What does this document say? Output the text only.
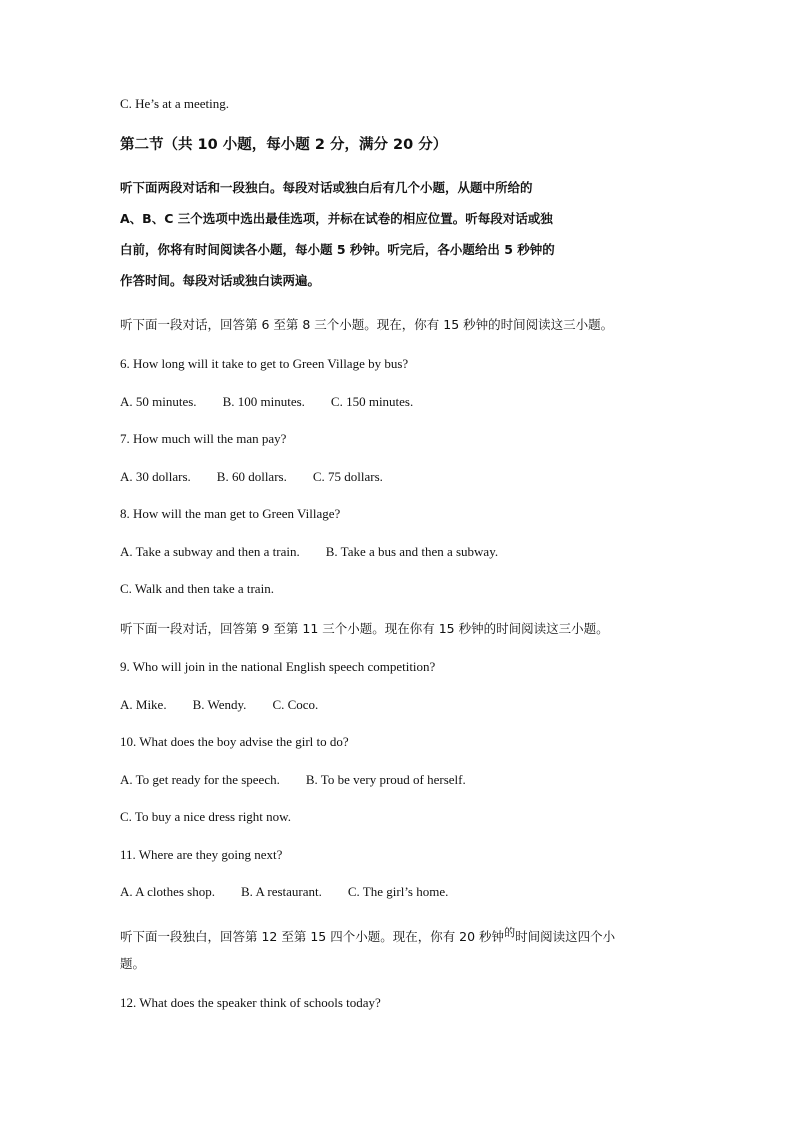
C. He’s at a meeting.

第二节（共 10 小题，每小题 2 分，满分 20 分）

听下面两段对话和一段独白。每段对话或独白后有几个小题，从题中所给的
A、B、C 三个选项中选出最佳选项，并标在试卷的相应位置。听每段对话或独
白前，你将有时间阅读各小题，每小题 5 秒钟。听完后，各小题给出 5 秒钟的
作答时间。每段对话或独白读两遍。

听下面一段对话，回答第 6 至第 8 三个小题。现在，你有 15 秒钟的时间阅读这三小题。

6. How long will it take to get to Green Village by bus?

A. 50 minutes. B. 100 minutes. C. 150 minutes.

7. How much will the man pay?

A. 30 dollars. B. 60 dollars. C. 75 dollars.

8. How will the man get to Green Village?

A. Take a subway and then a train. B. Take a bus and then a subway.

C. Walk and then take a train.

听下面一段对话，回答第 9 至第 11 三个小题。现在你有 15 秒钟的时间阅读这三小题。

9. Who will join in the national English speech competition?

A. Mike. B. Wendy. C. Coco.

10. What does the boy advise the girl to do?

A. To get ready for the speech. B. To be very proud of herself.

C. To buy a nice dress right now.

11. Where are they going next?

A. A clothes shop. B. A restaurant. C. The girl’s home.

听下面一段独白，回答第 12 至第 15 四个小题。现在，你有 20 秒钟的时间阅读这四个小

题。

12. What does the speaker think of schools today?
